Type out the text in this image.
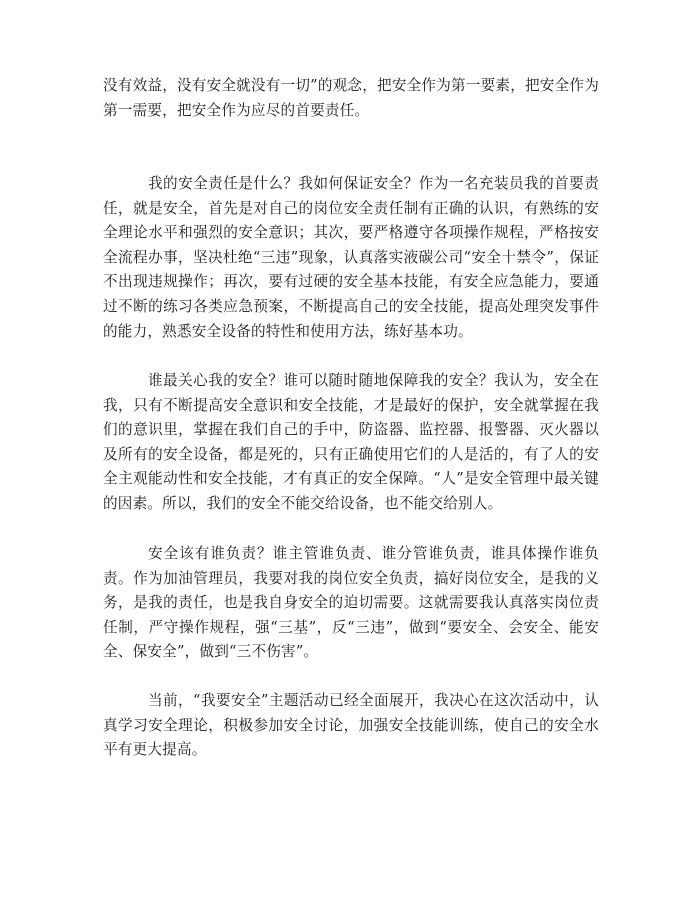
没有效益，没有安全就没有一切”的观念，把安全作为第一要素，把安全作为第一需要，把安全作为应尽的首要责任。

我的安全责任是什么？我如何保证安全？作为一名充装员我的首要责任，就是安全，首先是对自己的岗位安全责任制有正确的认识，有熟练的安全理论水平和强烈的安全意识；其次，要严格遵守各项操作规程，严格按安全流程办事，坚决杜绝“三违”现象，认真落实液碳公司“安全十禁令”，保证不出现违规操作；再次，要有过硬的安全基本技能，有安全应急能力，要通过不断的练习各类应急预案，不断提高自己的安全技能，提高处理突发事件的能力，熟悉安全设备的特性和使用方法，练好基本功。

谁最关心我的安全？谁可以随时随地保障我的安全？我认为，安全在我，只有不断提高安全意识和安全技能，才是最好的保护，安全就掌握在我们的意识里，掌握在我们自己的手中，防盗器、监控器、报警器、灭火器以及所有的安全设备，都是死的，只有正确使用它们的人是活的，有了人的安全主观能动性和安全技能，才有真正的安全保障。“人”是安全管理中最关键的因素。所以，我们的安全不能交给设备，也不能交给别人。

安全该有谁负责？谁主管谁负责、谁分管谁负责，谁具体操作谁负责。作为加油管理员，我要对我的岗位安全负责，搞好岗位安全，是我的义务，是我的责任，也是我自身安全的迫切需要。这就需要我认真落实岗位责任制，严守操作规程，强“三基”，反“三违”，做到“要安全、会安全、能安全、保安全”，做到“三不伤害”。

当前，“我要安全”主题活动已经全面展开，我决心在这次活动中，认真学习安全理论，积极参加安全讨论，加强安全技能训练，使自己的安全水平有更大提高。
